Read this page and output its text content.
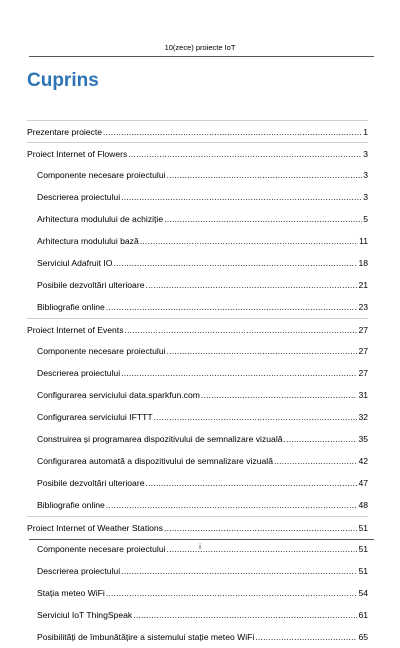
10(zece) proiecte IoT
Cuprins
Prezentare proiecte .....	1
Proiect Internet of Flowers .....	3
Componente necesare proiectului .....	3
Descrierea proiectului .....	3
Arhitectura modulului de achiziție .....	5
Arhitectura modulului bază .....	11
Serviciul Adafruit IO .....	18
Posibile dezvoltări ulterioare .....	21
Bibliografie online .....	23
Proiect Internet of Events .....	27
Componente necesare proiectului .....	27
Descrierea proiectului .....	27
Configurarea serviciului data.sparkfun.com .....	31
Configurarea serviciului IFTTT .....	32
Construirea și programarea dispozitivului de semnalizare vizuală .....	35
Configurarea automată a dispozitivului de semnalizare vizuală .....	42
Posibile dezvoltări ulterioare .....	47
Bibliografie online .....	48
Proiect Internet of Weather Stations .....	51
Componente necesare proiectului .....	51
Descrierea proiectului .....	51
Stația meteo WiFi .....	54
Serviciul IoT ThingSpeak .....	61
Posibilități de îmbunătățire a sistemului stație meteo WiFi .....	65
i
